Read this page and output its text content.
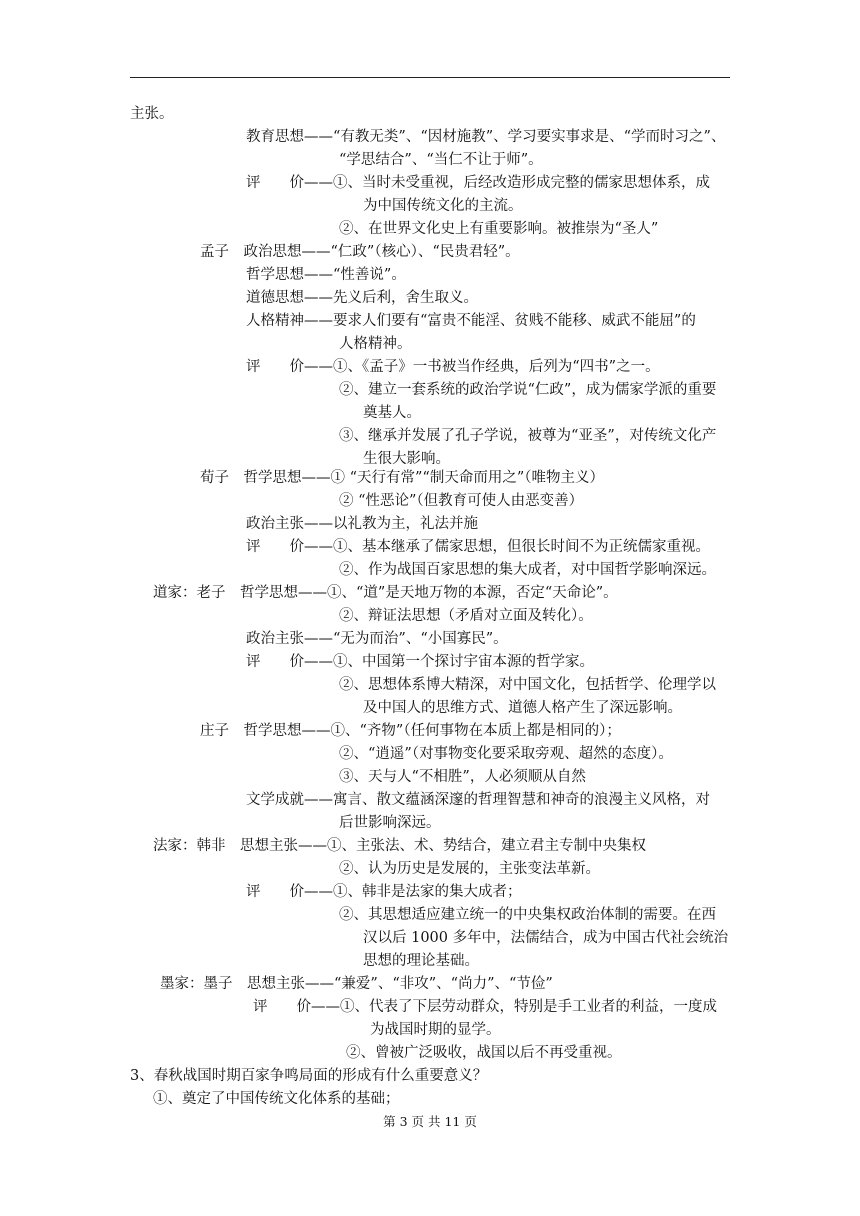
主张。
教育思想——“有教无类”、“因材施教”、学习要实事求是、“学而时习之”、
“学思结合”、“当仁不让于师”。
评　　价——①、当时未受重视，后经改造形成完整的儒家思想体系，成
为中国传统文化的主流。
②、在世界文化史上有重要影响。被推崇为“圣人”
孟子　政治思想——“仁政”（核心）、“民贵君轻”。
哲学思想——“性善说”。
道德思想——先义后利，舍生取义。
人格精神——要求人们要有“富贵不能淫、贫贱不能移、威武不能屈”的
人格精神。
评　　价——①、《孟子》一书被当作经典，后列为“四书”之一。
②、建立一套系统的政治学说“仁政”，成为儒家学派的重要
奠基人。
③、继承并发展了孔子学说，被尊为“亚圣”，对传统文化产
生很大影响。
荀子　哲学思想——① “天行有常”“制天命而用之”（唯物主义）
② “性恶论”（但教育可使人由恶变善）
政治主张——以礼教为主，礼法并施
评　　价——①、基本继承了儒家思想，但很长时间不为正统儒家重视。
②、作为战国百家思想的集大成者，对中国哲学影响深远。
道家：老子　哲学思想——①、“道”是天地万物的本源，否定“天命论”。
②、辩证法思想（矛盾对立面及转化）。
政治主张——“无为而治”、“小国寡民”。
评　　价——①、中国第一个探讨宇宙本源的哲学家。
②、思想体系博大精深，对中国文化，包括哲学、伦理学以
及中国人的思维方式、道德人格产生了深远影响。
庄子　哲学思想——①、“齐物”（任何事物在本质上都是相同的）；
②、“逍遥”（对事物变化要采取旁观、超然的态度）。
③、天与人“不相胜”，人必须顺从自然
文学成就——寓言、散文蕴涵深邃的哲理智慧和神奇的浪漫主义风格，对
后世影响深远。
法家：韩非　思想主张——①、主张法、术、势结合，建立君主专制中央集权
②、认为历史是发展的，主张变法革新。
评　　价——①、韩非是法家的集大成者；
②、其思想适应建立统一的中央集权政治体制的需要。在西
汉以后 1000 多年中，法儒结合，成为中国古代社会统治
思想的理论基础。
墨家：墨子　思想主张——“兼爱”、“非攻”、“尚力”、“节俭”
评　　价——①、代表了下层劳动群众，特别是手工业者的利益，一度成
为战国时期的显学。
②、曾被广泛吸收，战国以后不再受重视。
3、春秋战国时期百家争鸣局面的形成有什么重要意义？
①、奠定了中国传统文化体系的基础；
第 3 页 共 11 页
